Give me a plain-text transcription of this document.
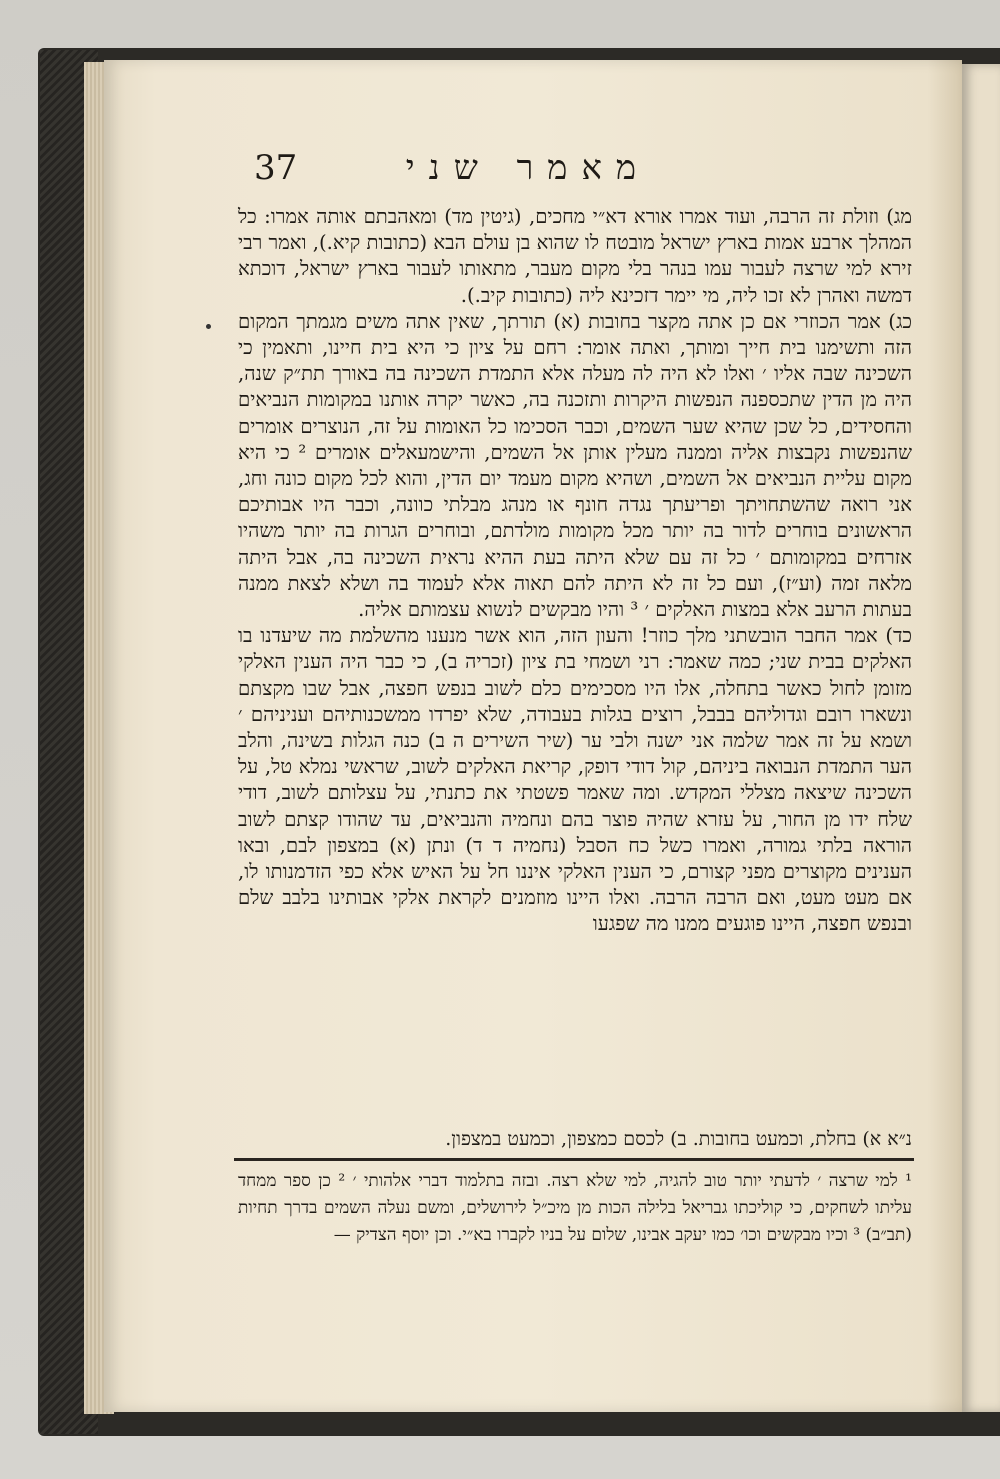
37	מאמר שני

מג) וזולת זה הרבה, ועוד אמרו אורא דא״י מחכים, (גיטין מד) ומאהבתם אותה אמרו: כל המהלך ארבע אמות בארץ ישראל מובטח לו שהוא בן עולם הבא (כתובות קיא.), ואמר רבי זירא למי שרצה לעבור עמו בנהר בלי מקום מעבר, מתאותו לעבור בארץ ישראל, דוכתא דמשה ואהרן לא זכו ליה, מי יימר דזכינא ליה (כתובות קיב.).

כג) אמר הכוזרי אם כן אתה מקצר בחובות (א) תורתך, שאין אתה משים מגמתך המקום הזה ותשימנו בית חייך ומותך, ואתה אומר: רחם על ציון כי היא בית חיינו, ותאמין כי השכינה שבה אליו ׳ ואלו לא היה לה מעלה אלא התמדת השכינה בה באורך תת״ק שנה, היה מן הדין שתכספנה הנפשות היקרות ותזכנה בה, כאשר יקרה אותנו במקומות הנביאים והחסידים, כל שכן שהיא שער השמים, וכבר הסכימו כל האומות על זה, הנוצרים אומרים שהנפשות נקבצות אליה וממנה מעלין אותן אל השמים, והישמעאלים אומרים ² כי היא מקום עליית הנביאים אל השמים, ושהיא מקום מעמד יום הדין, והוא לכל מקום כונה וחג, אני רואה שהשתחויתך ופריעתך נגדה חונף או מנהג מבלתי כוונה, וכבר היו אבותיכם הראשונים בוחרים לדור בה יותר מכל מקומות מולדתם, ובוחרים הגרות בה יותר משהיו אזרחים במקומותם ׳ כל זה עם שלא היתה בעת ההיא נראית השכינה בה, אבל היתה מלאה זמה (וע״ז), ועם כל זה לא היתה להם תאוה אלא לעמוד בה ושלא לצאת ממנה בעתות הרעב אלא במצות האלקים ׳ ³ והיו מבקשים לנשוא עצמותם אליה.

כד) אמר החבר הובשתני מלך כוזר! והעון הזה, הוא אשר מנענו מהשלמת מה שיעדנו בו האלקים בבית שני; כמה שאמר: רני ושמחי בת ציון (זכריה ב), כי כבר היה הענין האלקי מזומן לחול כאשר בתחלה, אלו היו מסכימים כלם לשוב בנפש חפצה, אבל שבו מקצתם ונשארו רובם וגדוליהם בבבל, רוצים בגלות בעבודה, שלא יפרדו ממשכנותיהם ועניניהם ׳ ושמא על זה אמר שלמה אני ישנה ולבי ער (שיר השירים ה ב) כנה הגלות בשינה, והלב הער התמדת הנבואה ביניהם, קול דודי דופק, קריאת האלקים לשוב, שראשי נמלא טל, על השכינה שיצאה מצללי המקדש. ומה שאמר פשטתי את כתנתי, על עצלותם לשוב, דודי שלח ידו מן החור, על עזרא שהיה פוצר בהם ונחמיה והנביאים, עד שהודו קצתם לשוב הוראה בלתי גמורה, ואמרו כשל כח הסבל (נחמיה ד ד) ונתן (א) במצפון לבם, ובאו הענינים מקוצרים מפני קצורם, כי הענין האלקי איננו חל על האיש אלא כפי הזדמנותו לו, אם מעט מעט, ואם הרבה הרבה. ואלו היינו מוזמנים לקראת אלקי אבותינו בלבב שלם ובנפש חפצה, היינו פוגעים ממנו מה שפגעו

נ״א א) בחלת, וכמעט בחובות. ב) לכסם כמצפון, וכמעט במצפון.

¹ למי שרצה ׳ לדעתי יותר טוב להגיה, למי שלא רצה. ובזה בתלמוד דברי אלהותי ׳ ² כן ספר ממחד עליתו לשחקים, כי קוליכתו גבריאל בלילה הכות מן מיכ״ל לירושלים, ומשם נעלה השמים בדרך תחיות (תב״ב) ³ וכיו מבקשים וכו׳ כמו יעקב אבינו, שלום על בניו לקברו בא״י. וכן יוסף הצדיק —
